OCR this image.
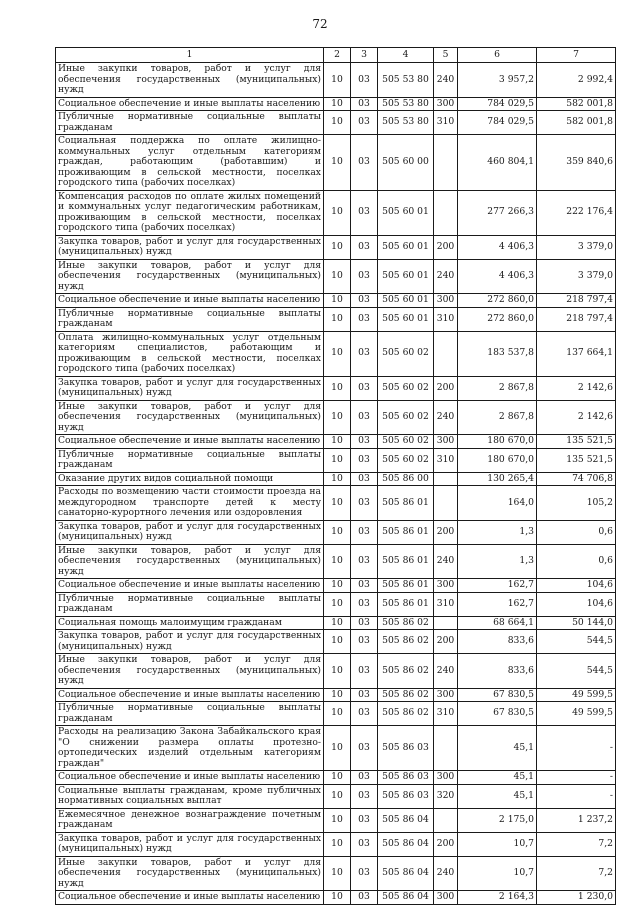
72
1	2	3	4	5	6	7
Иные закупки товаров, работ и услуг для обеспечения государственных (муниципальных) нужд	10	03	505 53 80	240	3 957,2	2 992,4
Социальное обеспечение и иные выплаты населению	10	03	505 53 80	300	784 029,5	582 001,8
Публичные нормативные социальные выплаты гражданам	10	03	505 53 80	310	784 029,5	582 001,8
Социальная поддержка по оплате жилищно-коммунальных услуг отдельным категориям граждан, работающим (работавшим) и проживающим в сельской местности, поселках городского типа (рабочих поселках)	10	03	505 60 00		460 804,1	359 840,6
Компенсация расходов по оплате жилых помещений и коммунальных услуг педагогическим работникам, проживающим в сельской местности, поселках городского типа (рабочих поселках)	10	03	505 60 01		277 266,3	222 176,4
Закупка товаров, работ и услуг для государственных (муниципальных) нужд	10	03	505 60 01	200	4 406,3	3 379,0
Иные закупки товаров, работ и услуг для обеспечения государственных (муниципальных) нужд	10	03	505 60 01	240	4 406,3	3 379,0
Социальное обеспечение и иные выплаты населению	10	03	505 60 01	300	272 860,0	218 797,4
Публичные нормативные социальные выплаты гражданам	10	03	505 60 01	310	272 860,0	218 797,4
Оплата жилищно-коммунальных услуг отдельным категориям специалистов, работающим и проживающим в сельской местности, поселках городского типа (рабочих поселках)	10	03	505 60 02		183 537,8	137 664,1
Закупка товаров, работ и услуг для государственных (муниципальных) нужд	10	03	505 60 02	200	2 867,8	2 142,6
Иные закупки товаров, работ и услуг для обеспечения государственных (муниципальных) нужд	10	03	505 60 02	240	2 867,8	2 142,6
Социальное обеспечение и иные выплаты населению	10	03	505 60 02	300	180 670,0	135 521,5
Публичные нормативные социальные выплаты гражданам	10	03	505 60 02	310	180 670,0	135 521,5
Оказание других видов социальной помощи	10	03	505 86 00		130 265,4	74 706,8
Расходы по возмещению части стоимости проезда на междугородном транспорте детей к месту санаторно-курортного лечения или оздоровления	10	03	505 86 01		164,0	105,2
Закупка товаров, работ и услуг для государственных (муниципальных) нужд	10	03	505 86 01	200	1,3	0,6
Иные закупки товаров, работ и услуг для обеспечения государственных (муниципальных) нужд	10	03	505 86 01	240	1,3	0,6
Социальное обеспечение и иные выплаты населению	10	03	505 86 01	300	162,7	104,6
Публичные нормативные социальные выплаты гражданам	10	03	505 86 01	310	162,7	104,6
Социальная помощь малоимущим гражданам	10	03	505 86 02		68 664,1	50 144,0
Закупка товаров, работ и услуг для государственных (муниципальных) нужд	10	03	505 86 02	200	833,6	544,5
Иные закупки товаров, работ и услуг для обеспечения государственных (муниципальных) нужд	10	03	505 86 02	240	833,6	544,5
Социальное обеспечение и иные выплаты населению	10	03	505 86 02	300	67 830,5	49 599,5
Публичные нормативные социальные выплаты гражданам	10	03	505 86 02	310	67 830,5	49 599,5
Расходы на реализацию Закона Забайкальского края "О снижении размера оплаты протезно-ортопедических изделий отдельным категориям граждан"	10	03	505 86 03		45,1	-
Социальное обеспечение и иные выплаты населению	10	03	505 86 03	300	45,1	-
Социальные выплаты гражданам, кроме публичных нормативных социальных выплат	10	03	505 86 03	320	45,1	-
Ежемесячное денежное вознаграждение почетным гражданам	10	03	505 86 04		2 175,0	1 237,2
Закупка товаров, работ и услуг для государственных (муниципальных) нужд	10	03	505 86 04	200	10,7	7,2
Иные закупки товаров, работ и услуг для обеспечения государственных (муниципальных) нужд	10	03	505 86 04	240	10,7	7,2
Социальное обеспечение и иные выплаты населению	10	03	505 86 04	300	2 164,3	1 230,0
